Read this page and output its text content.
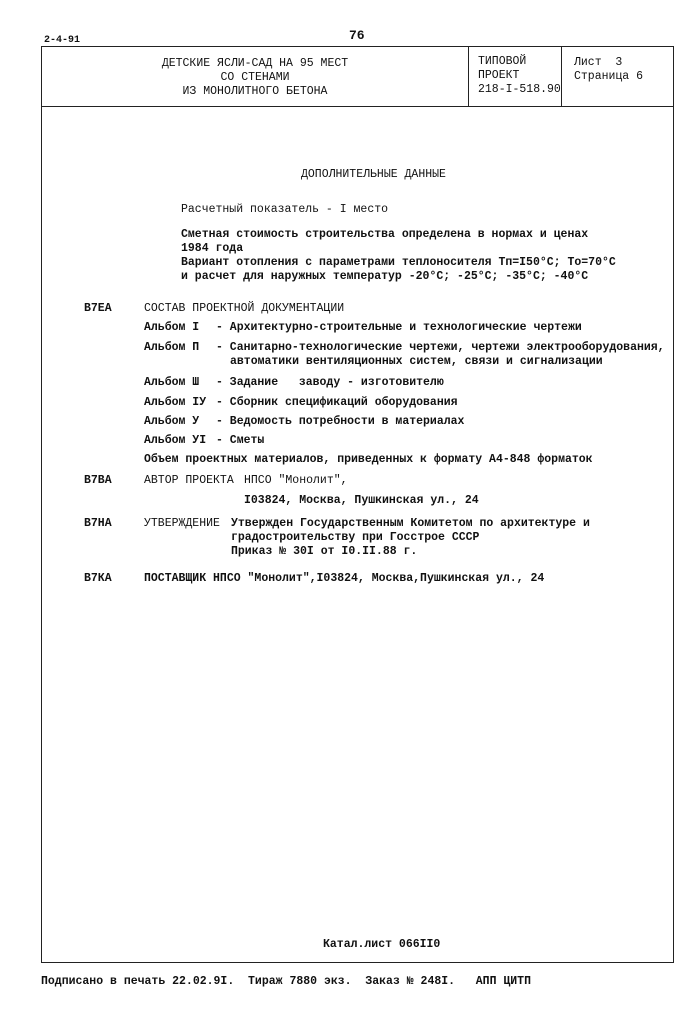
2-4-91	76
ДЕТСКИЕ ЯСЛИ-САД НА 95 МЕСТ
СО СТЕНАМИ
ИЗ МОНОЛИТНОГО БЕТОНА
ТИПОВОЙ
ПРОЕКТ
218-I-518.90
Лист  3
Страница 6
ДОПОЛНИТЕЛЬНЫЕ ДАННЫЕ
Расчетный показатель - I место
Сметная стоимость строительства определена в нормах и ценах
1984 года
Вариант отопления с параметрами теплоносителя Тп=I50°С; То=70°С
и расчет для наружных температур -20°С; -25°С; -35°С; -40°С
В7ЕА	СОСТАВ ПРОЕКТНОЙ ДОКУМЕНТАЦИИ
Альбом I - Архитектурно-строительные и технологические чертежи
Альбом П - Санитарно-технологические чертежи, чертежи электрооборудования,
автоматики вентиляционных систем, связи и сигнализации
Альбом Ш - Задание   заводу - изготовителю
Альбом IУ - Сборник спецификаций оборудования
Альбом У - Ведомость потребности в материалах
Альбом УI - Сметы
Объем проектных материалов, приведенных к формату А4-848 форматок
В7ВА	АВТОР ПРОЕКТА НПСО "Монолит",
I03824, Москва, Пушкинская ул., 24
В7НА	УТВЕРЖДЕНИЕ Утвержден Государственным Комитетом по архитектуре и
градостроительству при Госстрое СССР
Приказ № 30I от I0.II.88 г.
В7КА	ПОСТАВЩИК НПСО "Монолит",I03824, Москва,Пушкинская ул., 24
Катал.лист 066II0
Подписано в печать 22.02.9I.  Тираж 7880 экз.  Заказ № 248I.   АПП ЦИТП
